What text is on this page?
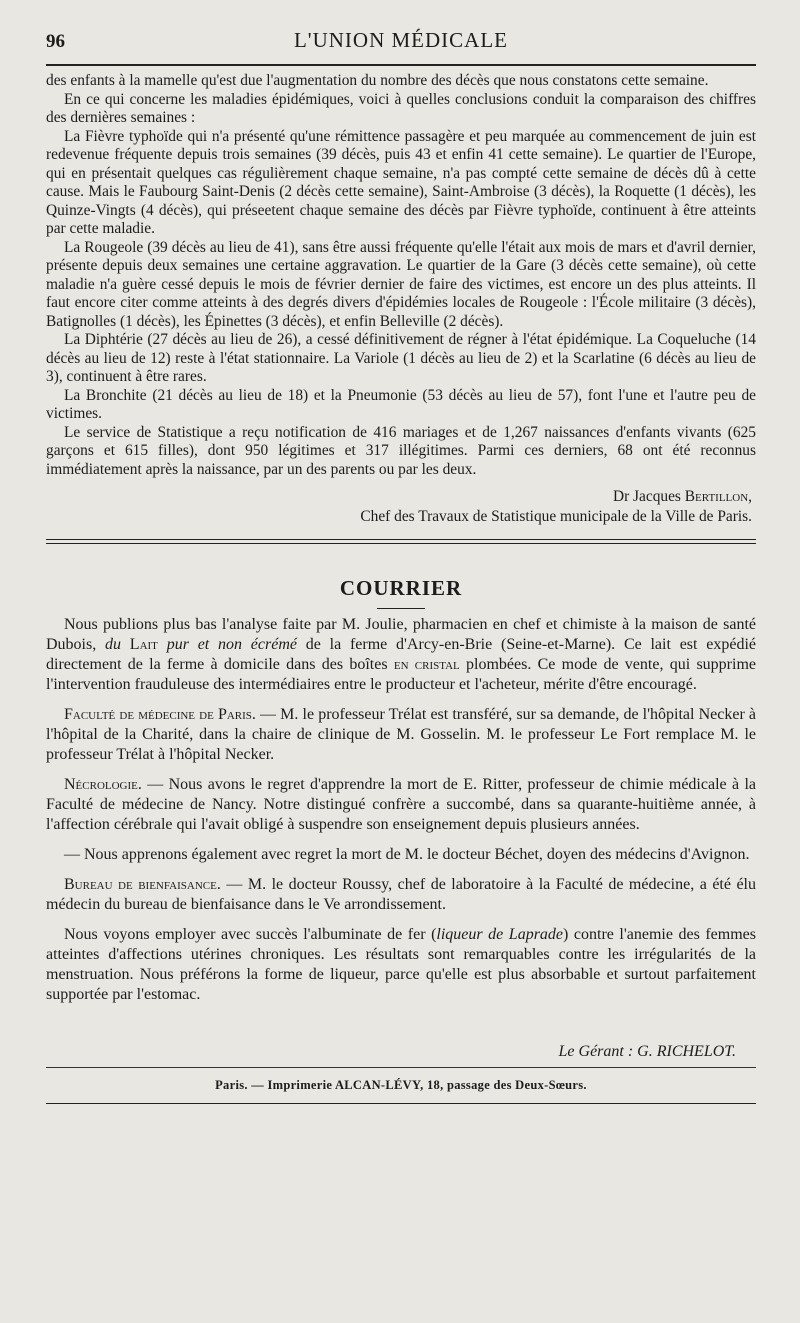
96	L'UNION MÉDICALE

des enfants à la mamelle qu'est due l'augmentation du nombre des décès que nous constatons cette semaine.

En ce qui concerne les maladies épidémiques, voici à quelles conclusions conduit la comparaison des chiffres des dernières semaines :

La Fièvre typhoïde qui n'a présenté qu'une rémittence passagère et peu marquée au commencement de juin est redevenue fréquente depuis trois semaines (39 décès, puis 43 et enfin 41 cette semaine). Le quartier de l'Europe, qui en présentait quelques cas régulièrement chaque semaine, n'a pas compté cette semaine de décès dû à cette cause. Mais le Faubourg Saint-Denis (2 décès cette semaine), Saint-Ambroise (3 décès), la Roquette (1 décès), les Quinze-Vingts (4 décès), qui préseetent chaque semaine des décès par Fièvre typhoïde, continuent à être atteints par cette maladie.

La Rougeole (39 décès au lieu de 41), sans être aussi fréquente qu'elle l'était aux mois de mars et d'avril dernier, présente depuis deux semaines une certaine aggravation. Le quartier de la Gare (3 décès cette semaine), où cette maladie n'a guère cessé depuis le mois de février dernier de faire des victimes, est encore un des plus atteints. Il faut encore citer comme atteints à des degrés divers d'épidémies locales de Rougeole : l'École militaire (3 décès), Batignolles (1 décès), les Épinettes (3 décès), et enfin Belleville (2 décès).

La Diphtérie (27 décès au lieu de 26), a cessé définitivement de régner à l'état épidémique. La Coqueluche (14 décès au lieu de 12) reste à l'état stationnaire. La Variole (1 décès au lieu de 2) et la Scarlatine (6 décès au lieu de 3), continuent à être rares.

La Bronchite (21 décès au lieu de 18) et la Pneumonie (53 décès au lieu de 57), font l'une et l'autre peu de victimes.

Le service de Statistique a reçu notification de 416 mariages et de 1,267 naissances d'enfants vivants (625 garçons et 615 filles), dont 950 légitimes et 317 illégitimes. Parmi ces derniers, 68 ont été reconnus immédiatement après la naissance, par un des parents ou par les deux.

Dr Jacques Bertillon,
Chef des Travaux de Statistique municipale de la Ville de Paris.
COURRIER

Nous publions plus bas l'analyse faite par M. Joulie, pharmacien en chef et chimiste à la maison de santé Dubois, du Lait pur et non écrémé de la ferme d'Arcy-en-Brie (Seine-et-Marne). Ce lait est expédié directement de la ferme à domicile dans des boîtes en cristal plombées. Ce mode de vente, qui supprime l'intervention frauduleuse des intermédiaires entre le producteur et l'acheteur, mérite d'être encouragé.

Faculté de médecine de Paris. — M. le professeur Trélat est transféré, sur sa demande, de l'hôpital Necker à l'hôpital de la Charité, dans la chaire de clinique de M. Gosselin. M. le professeur Le Fort remplace M. le professeur Trélat à l'hôpital Necker.

Nécrologie. — Nous avons le regret d'apprendre la mort de E. Ritter, professeur de chimie médicale à la Faculté de médecine de Nancy. Notre distingué confrère a succombé, dans sa quarante-huitième année, à l'affection cérébrale qui l'avait obligé à suspendre son enseignement depuis plusieurs années.

— Nous apprenons également avec regret la mort de M. le docteur Béchet, doyen des médecins d'Avignon.

Bureau de bienfaisance. — M. le docteur Roussy, chef de laboratoire à la Faculté de médecine, a été élu médecin du bureau de bienfaisance dans le Ve arrondissement.

Nous voyons employer avec succès l'albuminate de fer (liqueur de Laprade) contre l'anemie des femmes atteintes d'affections utérines chroniques. Les résultats sont remarquables contre les irrégularités de la menstruation. Nous préférons la forme de liqueur, parce qu'elle est plus absorbable et surtout parfaitement supportée par l'estomac.

Le Gérant : G. RICHELOT.
Paris. — Imprimerie ALCAN-LÉVY, 18, passage des Deux-Sœurs.
